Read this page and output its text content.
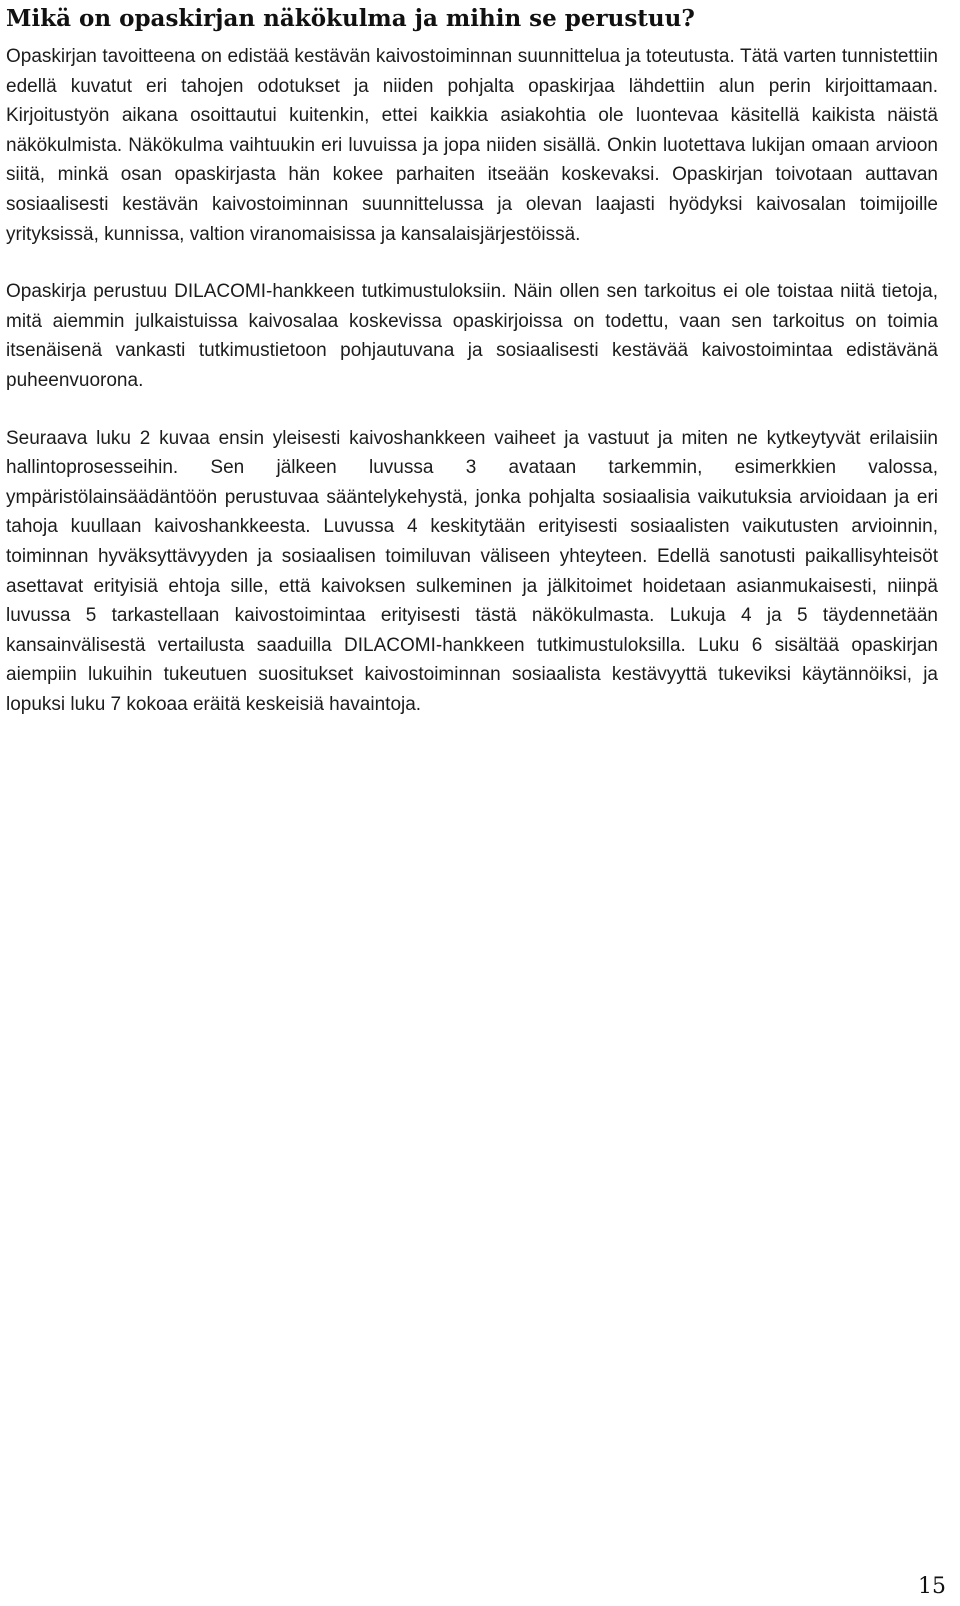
Mikä on opaskirjan näkökulma ja mihin se perustuu?

Opaskirjan tavoitteena on edistää kestävän kaivostoiminnan suunnittelua ja toteutusta. Tätä varten tunnistettiin edellä kuvatut eri tahojen odotukset ja niiden pohjalta opaskirjaa lähdettiin alun perin kirjoittamaan. Kirjoitustyön aikana osoittautui kuitenkin, ettei kaikkia asiakohtia ole luontevaa käsitellä kaikista näistä näkökulmista. Näkökulma vaihtuukin eri luvuissa ja jopa niiden sisällä. Onkin luotettava lukijan omaan arvioon siitä, minkä osan opaskirjasta hän kokee parhaiten itseään koskevaksi. Opaskirjan toivotaan auttavan sosiaalisesti kestävän kaivostoiminnan suunnittelussa ja olevan laajasti hyödyksi kaivosalan toimijoille yrityksissä, kunnissa, valtion viranomaisissa ja kansalaisjärjestöissä.

Opaskirja perustuu DILACOMI-hankkeen tutkimustuloksiin. Näin ollen sen tarkoitus ei ole toistaa niitä tietoja, mitä aiemmin julkaistuissa kaivosalaa koskevissa opaskirjoissa on todettu, vaan sen tarkoitus on toimia itsenäisenä vankasti tutkimustietoon pohjautuvana ja sosiaalisesti kestävää kaivostoimintaa edistävänä puheenvuorona.

Seuraava luku 2 kuvaa ensin yleisesti kaivoshankkeen vaiheet ja vastuut ja miten ne kytkeytyvät erilaisiin hallintoprosesseihin. Sen jälkeen luvussa 3 avataan tarkemmin, esimerkkien valossa, ympäristölainsäädäntöön perustuvaa sääntelykehystä, jonka pohjalta sosiaalisia vaikutuksia arvioidaan ja eri tahoja kuullaan kaivoshankkeesta. Luvussa 4 keskitytään erityisesti sosiaalisten vaikutusten arvioinnin, toiminnan hyväksyttävyyden ja sosiaalisen toimiluvan väliseen yhteyteen. Edellä sanotusti paikallisyhteisöt asettavat erityisiä ehtoja sille, että kaivoksen sulkeminen ja jälkitoimet hoidetaan asianmukaisesti, niinpä luvussa 5 tarkastellaan kaivostoimintaa erityisesti tästä näkökulmasta. Lukuja 4 ja 5 täydennetään kansainvälisestä vertailusta saaduilla DILACOMI-hankkeen tutkimustuloksilla. Luku 6 sisältää opaskirjan aiempiin lukuihin tukeutuen suositukset kaivostoiminnan sosiaalista kestävyyttä tukeviksi käytännöiksi, ja lopuksi luku 7 kokoaa eräitä keskeisiä havaintoja.

15
